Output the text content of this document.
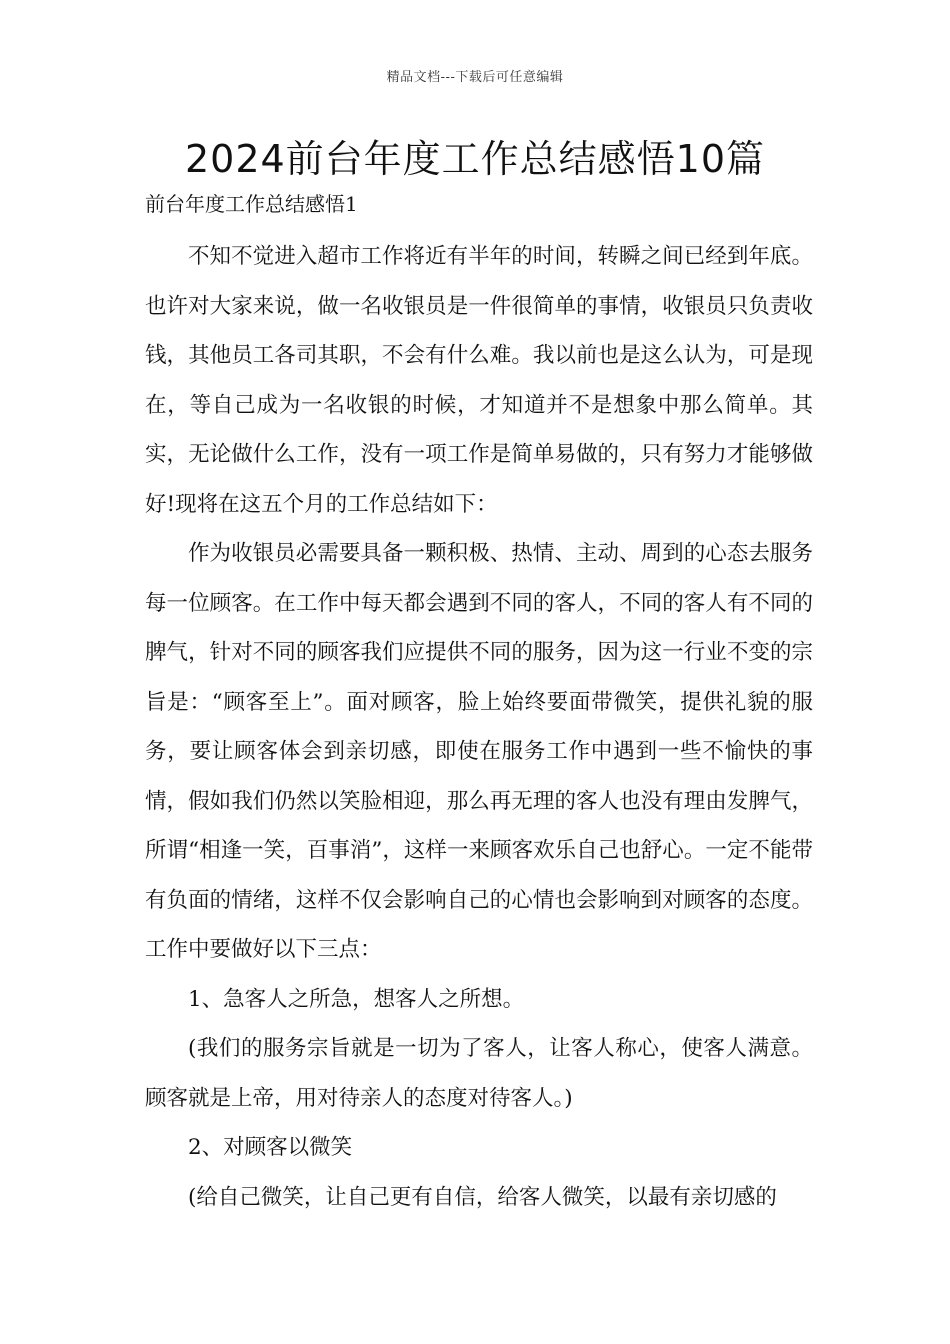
精品文档---下载后可任意编辑
2024前台年度工作总结感悟10篇
前台年度工作总结感悟1

不知不觉进入超市工作将近有半年的时间，转瞬之间已经到年底。也许对大家来说，做一名收银员是一件很简单的事情，收银员只负责收钱，其他员工各司其职，不会有什么难。我以前也是这么认为，可是现在，等自己成为一名收银的时候，才知道并不是想象中那么简单。其实，无论做什么工作，没有一项工作是简单易做的，只有努力才能够做好!现将在这五个月的工作总结如下：

作为收银员必需要具备一颗积极、热情、主动、周到的心态去服务每一位顾客。在工作中每天都会遇到不同的客人，不同的客人有不同的脾气，针对不同的顾客我们应提供不同的服务，因为这一行业不变的宗旨是：“顾客至上”。面对顾客，脸上始终要面带微笑，提供礼貌的服务，要让顾客体会到亲切感，即使在服务工作中遇到一些不愉快的事情，假如我们仍然以笑脸相迎，那么再无理的客人也没有理由发脾气，所谓“相逢一笑，百事消”，这样一来顾客欢乐自己也舒心。一定不能带有负面的情绪，这样不仅会影响自己的心情也会影响到对顾客的态度。工作中要做好以下三点：

1、急客人之所急，想客人之所想。

(我们的服务宗旨就是一切为了客人，让客人称心，使客人满意。顾客就是上帝，用对待亲人的态度对待客人。)

2、对顾客以微笑

(给自己微笑，让自己更有自信，给客人微笑，以最有亲切感的
